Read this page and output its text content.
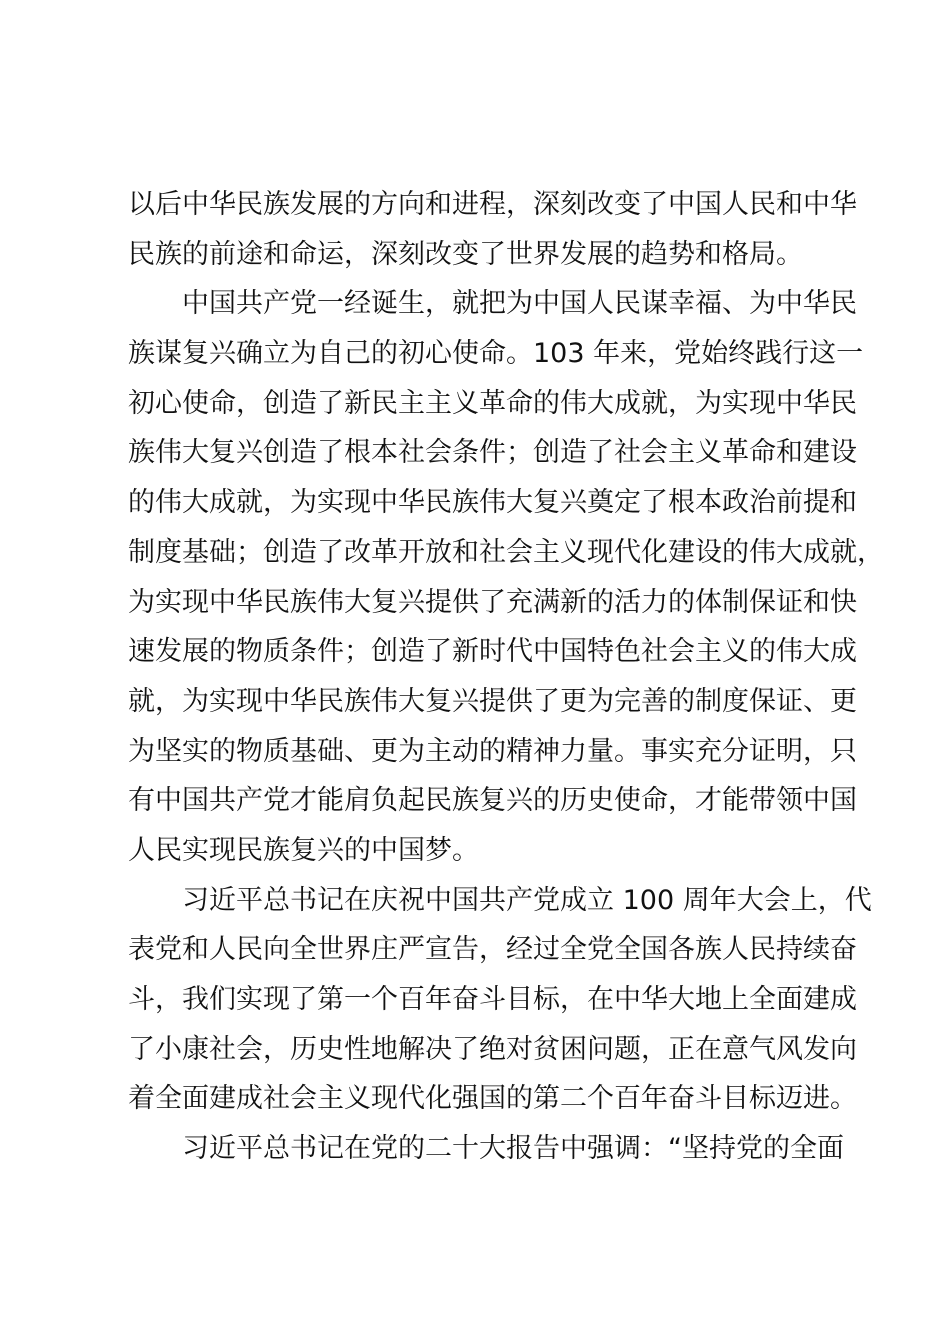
以后中华民族发展的方向和进程，深刻改变了中国人民和中华
民族的前途和命运，深刻改变了世界发展的趋势和格局。
中国共产党一经诞生，就把为中国人民谋幸福、为中华民
族谋复兴确立为自己的初心使命。103 年来，党始终践行这一
初心使命，创造了新民主主义革命的伟大成就，为实现中华民
族伟大复兴创造了根本社会条件；创造了社会主义革命和建设
的伟大成就，为实现中华民族伟大复兴奠定了根本政治前提和
制度基础；创造了改革开放和社会主义现代化建设的伟大成就，
为实现中华民族伟大复兴提供了充满新的活力的体制保证和快
速发展的物质条件；创造了新时代中国特色社会主义的伟大成
就，为实现中华民族伟大复兴提供了更为完善的制度保证、更
为坚实的物质基础、更为主动的精神力量。事实充分证明，只
有中国共产党才能肩负起民族复兴的历史使命，才能带领中国
人民实现民族复兴的中国梦。
习近平总书记在庆祝中国共产党成立 100 周年大会上，代
表党和人民向全世界庄严宣告，经过全党全国各族人民持续奋
斗，我们实现了第一个百年奋斗目标，在中华大地上全面建成
了小康社会，历史性地解决了绝对贫困问题，正在意气风发向
着全面建成社会主义现代化强国的第二个百年奋斗目标迈进。
习近平总书记在党的二十大报告中强调：“坚持党的全面
